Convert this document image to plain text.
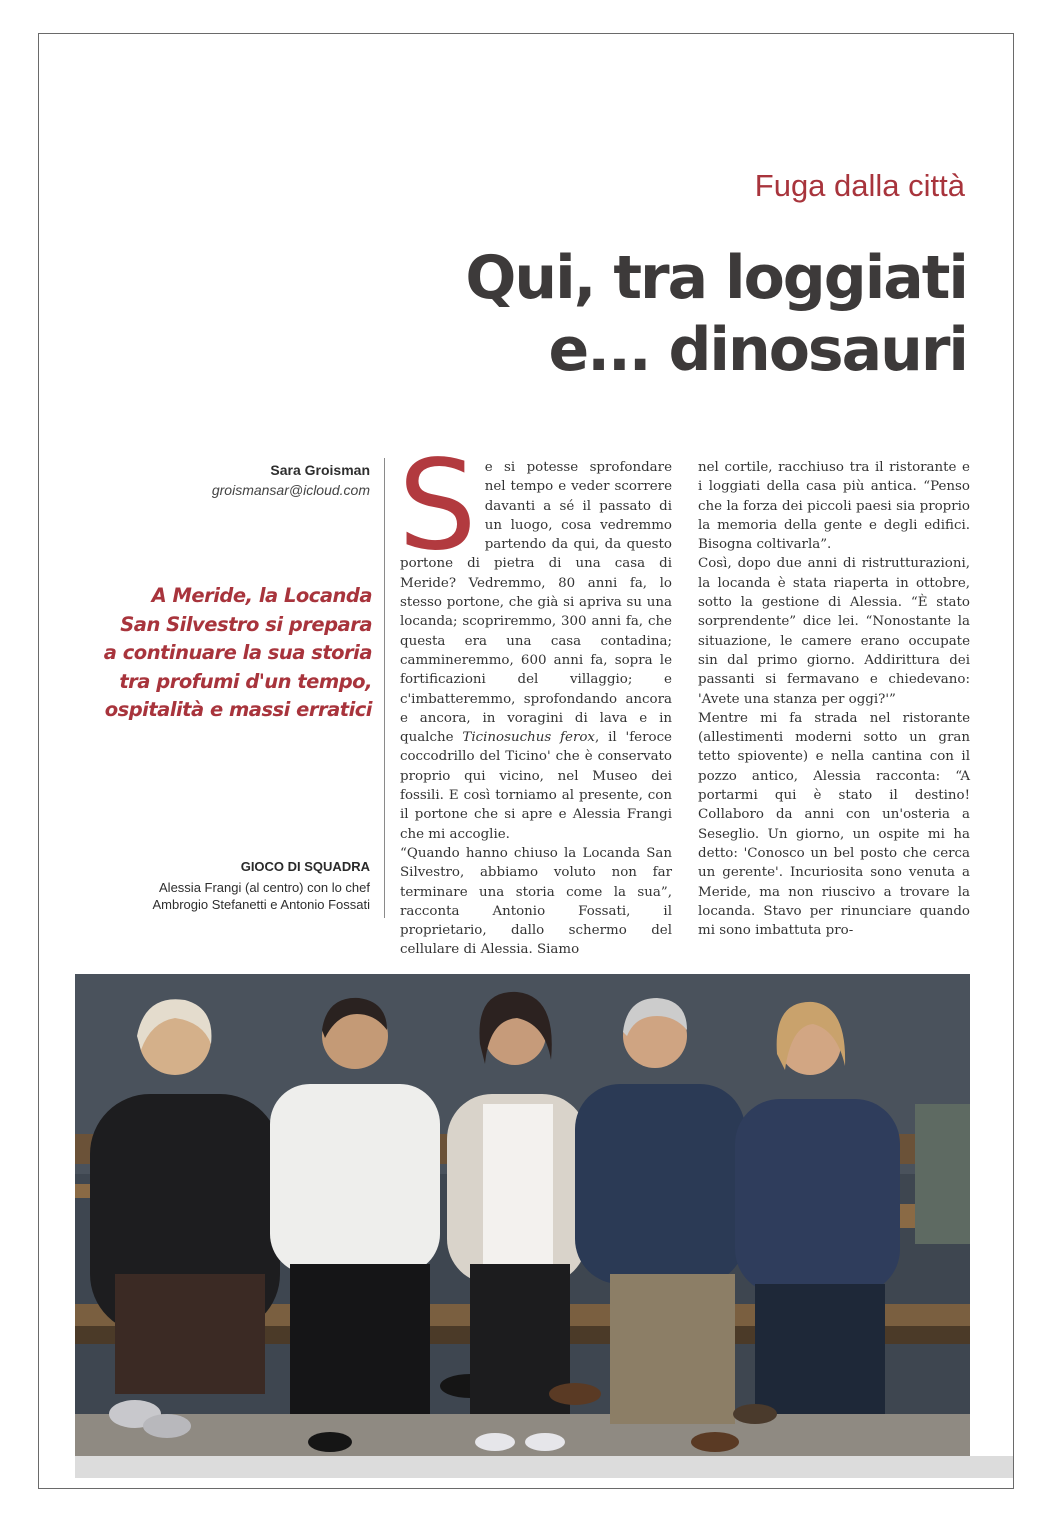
Fuga dalla città
Qui, tra loggiati
e... dinosauri
Sara Groisman
groismansar@icloud.com
A Meride, la Locanda
San Silvestro si prepara
a continuare la sua storia
tra profumi d'un tempo,
ospitalità e massi erratici
GIOCO DI SQUADRA
Alessia Frangi (al centro) con lo chef
Ambrogio Stefanetti e Antonio Fossati
S e si potesse sprofondare nel tempo e veder scorrere davanti a sé il passato di un luogo, cosa vedremmo partendo da qui, da questo portone di pietra di una casa di Meride? Vedremmo, 80 anni fa, lo stesso portone, che già si apriva su una locanda; scopriremmo, 300 anni fa, che questa era una casa contadina; cammineremmo, 600 anni fa, sopra le fortificazioni del villaggio; e c'imbatteremmo, sprofondando ancora e ancora, in voragini di lava e in qualche Ticinosuchus ferox, il 'feroce coccodrillo del Ticino' che è conservato proprio qui vicino, nel Museo dei fossili. E così torniamo al presente, con il portone che si apre e Alessia Frangi che mi accoglie.

“Quando hanno chiuso la Locanda San Silvestro, abbiamo voluto non far terminare una storia come la sua”, racconta Antonio Fossati, il proprietario, dallo schermo del cellulare di Alessia. Siamo

nel cortile, racchiuso tra il ristorante e i loggiati della casa più antica. “Penso che la forza dei piccoli paesi sia proprio la memoria della gente e degli edifici. Bisogna coltivarla”.

Così, dopo due anni di ristrutturazioni, la locanda è stata riaperta in ottobre, sotto la gestione di Alessia. “È stato sorprendente” dice lei. “Nonostante la situazione, le camere erano occupate sin dal primo giorno. Addirittura dei passanti si fermavano e chiedevano: 'Avete una stanza per oggi?'”

Mentre mi fa strada nel ristorante (allestimenti moderni sotto un gran tetto spiovente) e nella cantina con il pozzo antico, Alessia racconta: “A portarmi qui è stato il destino! Collaboro da anni con un'osteria a Seseglio. Un giorno, un ospite mi ha detto: 'Conosco un bel posto che cerca un gerente'. Incuriosita sono venuta a Meride, ma non riuscivo a trovare la locanda. Stavo per rinunciare quando mi sono imbattuta pro-
